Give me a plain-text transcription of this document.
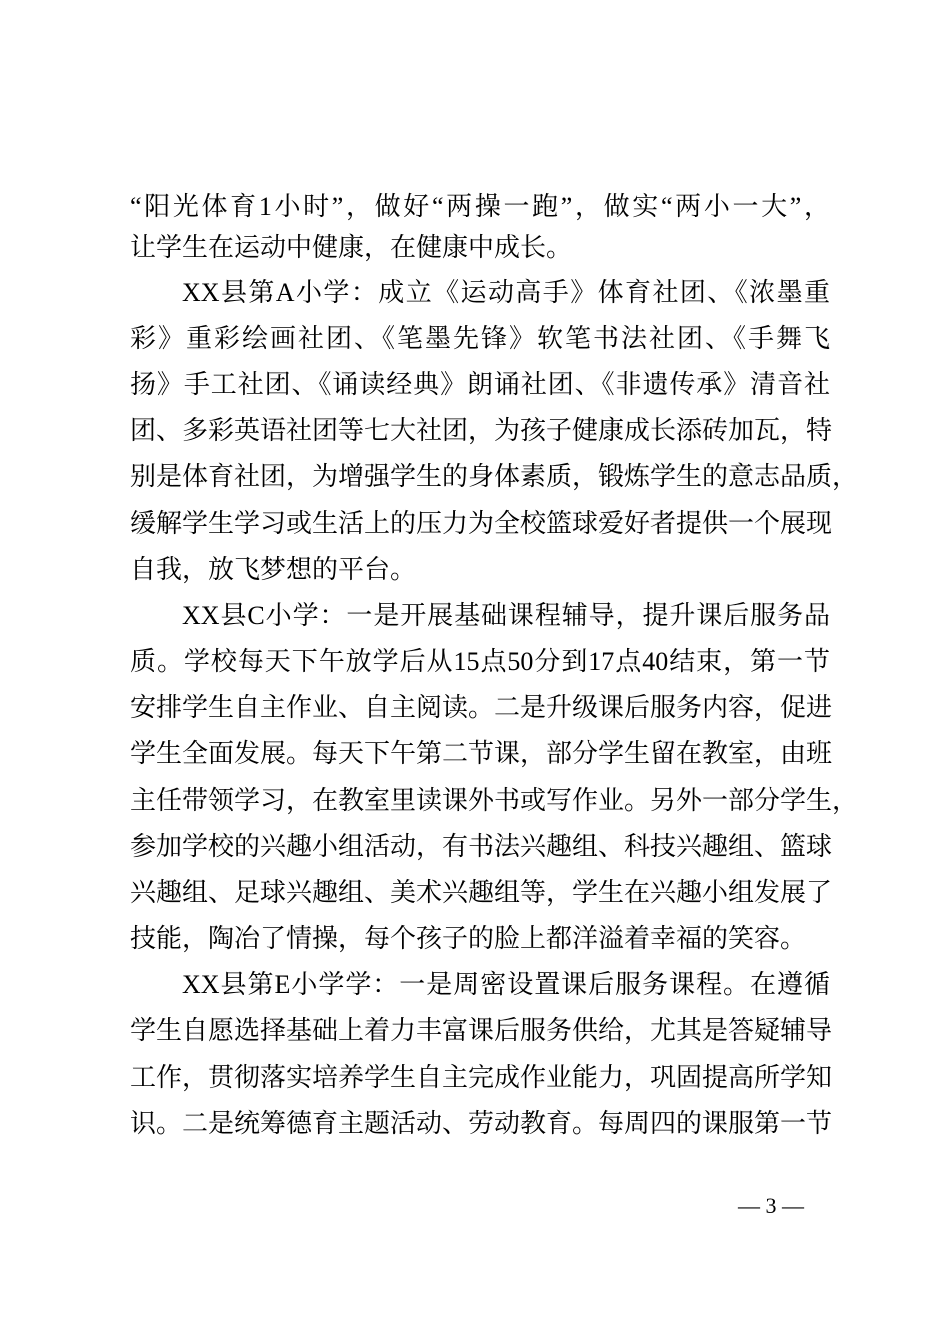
“阳光体育1小时”，做好“两操一跑”，做实“两小一大”，
让学生在运动中健康，在健康中成长。
XX县第A小学：成立《运动高手》体育社团、《浓墨重
彩》重彩绘画社团、《笔墨先锋》软笔书法社团、《手舞飞
扬》手工社团、《诵读经典》朗诵社团、《非遗传承》清音社
团、多彩英语社团等七大社团，为孩子健康成长添砖加瓦，特
别是体育社团，为增强学生的身体素质，锻炼学生的意志品质，
缓解学生学习或生活上的压力为全校篮球爱好者提供一个展现
自我，放飞梦想的平台。
XX县C小学：一是开展基础课程辅导，提升课后服务品
质。学校每天下午放学后从15点50分到17点40结束，第一节
安排学生自主作业、自主阅读。二是升级课后服务内容，促进
学生全面发展。每天下午第二节课，部分学生留在教室，由班
主任带领学习，在教室里读课外书或写作业。另外一部分学生，
参加学校的兴趣小组活动，有书法兴趣组、科技兴趣组、篮球
兴趣组、足球兴趣组、美术兴趣组等，学生在兴趣小组发展了
技能，陶冶了情操，每个孩子的脸上都洋溢着幸福的笑容。
XX县第E小学学：一是周密设置课后服务课程。在遵循
学生自愿选择基础上着力丰富课后服务供给，尤其是答疑辅导
工作，贯彻落实培养学生自主完成作业能力，巩固提高所学知
识。二是统筹德育主题活动、劳动教育。每周四的课服第一节
— 3 —
